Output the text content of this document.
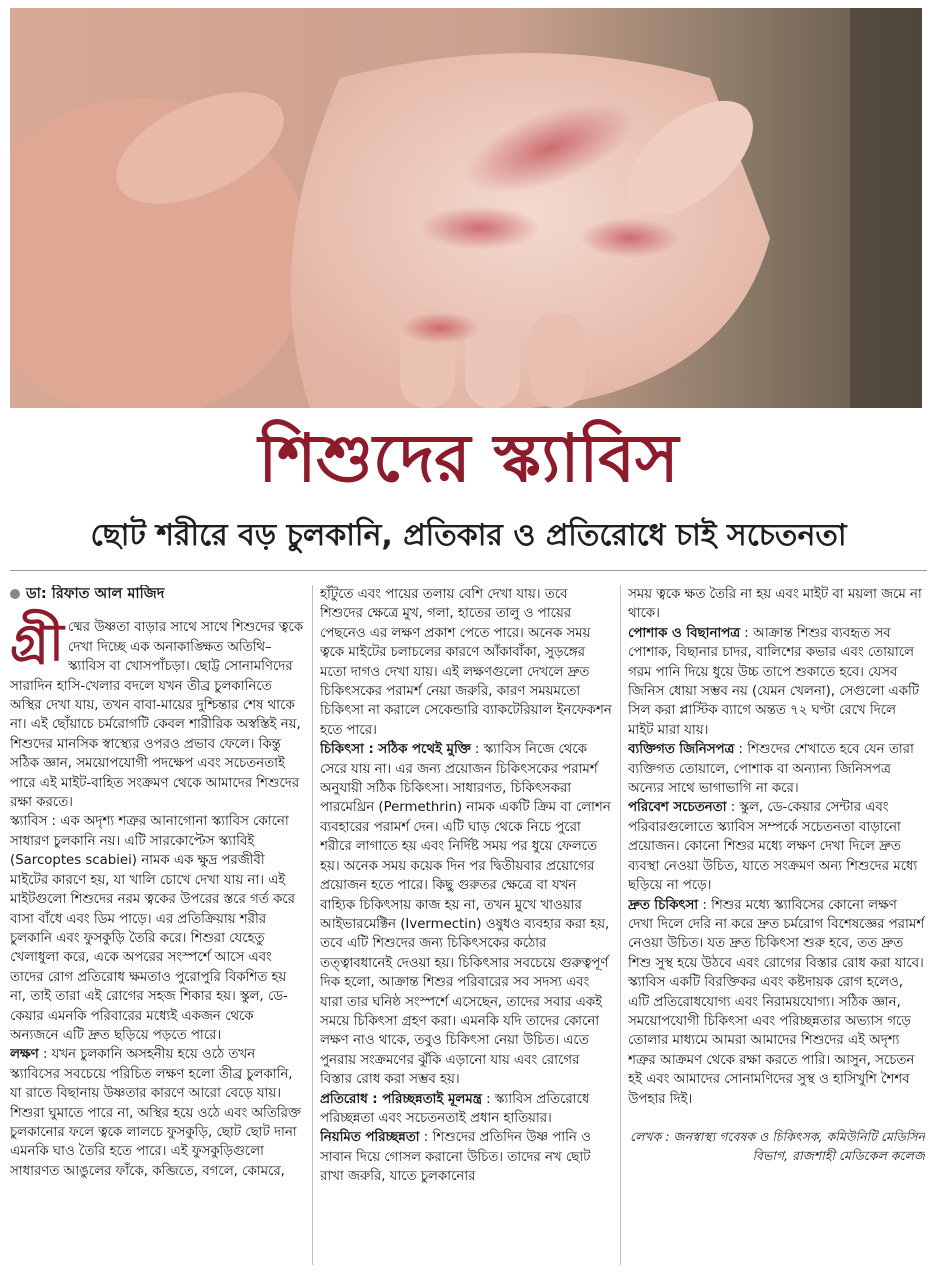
শিশুদের স্ক্যাবিস
ছোট শরীরে বড় চুলকানি, প্রতিকার ও প্রতিরোধে চাই সচেতনতা

ডা: রিফাত আল মাজিদ

গ্রী ষ্মের উষ্ণতা বাড়ার সাথে সাথে শিশুদের ত্বকে দেখা দিচ্ছে এক অনাকাঙ্ক্ষিত অতিথি– স্ক্যাবিস বা খোসপাঁচড়া। ছোট্ট সোনামণিদের সারাদিন হাসি-খেলার বদলে যখন তীব্র চুলকানিতে অস্থির দেখা যায়, তখন বাবা-মায়ের দুশ্চিন্তার শেষ থাকে না। এই ছোঁয়াচে চর্মরোগটি কেবল শারীরিক অস্বস্তিই নয়, শিশুদের মানসিক স্বাস্থ্যের ওপরও প্রভাব ফেলে। কিন্তু সঠিক জ্ঞান, সময়োপযোগী পদক্ষেপ এবং সচেতনতাই পারে এই মাইট-বাহিত সংক্রমণ থেকে আমাদের শিশুদের রক্ষা করতে।

স্ক্যাবিস : এক অদৃশ্য শত্রুর আনাগোনা স্ক্যাবিস কোনো সাধারণ চুলকানি নয়। এটি সারকোপ্টেস স্ক্যাবিই (Sarcoptes scabiei) নামক এক ক্ষুদ্র পরজীবী মাইটের কারণে হয়, যা খালি চোখে দেখা যায় না। এই মাইটগুলো শিশুদের নরম ত্বকের উপরের স্তরে গর্ত করে বাসা বাঁধে এবং ডিম পাড়ে। এর প্রতিক্রিয়ায় শরীর চুলকানি এবং ফুসকুড়ি তৈরি করে। শিশুরা যেহেতু খেলাধুলা করে, একে অপরের সংস্পর্শে আসে এবং তাদের রোগ প্রতিরোধ ক্ষমতাও পুরোপুরি বিকশিত হয় না, তাই তারা এই রোগের সহজ শিকার হয়। স্কুল, ডে-কেয়ার এমনকি পরিবারের মধ্যেই একজন থেকে অন্যজনে এটি দ্রুত ছড়িয়ে পড়তে পারে।

লক্ষণ : যখন চুলকানি অসহনীয় হয়ে ওঠে তখন স্ক্যাবিসের সবচেয়ে পরিচিত লক্ষণ হলো তীব্র চুলকানি, যা রাতে বিছানায় উষ্ণতার কারণে আরো বেড়ে যায়। শিশুরা ঘুমাতে পারে না, অস্থির হয়ে ওঠে এবং অতিরিক্ত চুলকানোর ফলে ত্বকে লালচে ফুসকুড়ি, ছোট ছোট দানা এমনকি ঘাও তৈরি হতে পারে। এই ফুসকুড়িগুলো সাধারণত আঙুলের ফাঁকে, কব্জিতে, বগলে, কোমরে,

হাঁটুতে এবং পায়ের তলায় বেশি দেখা যায়। তবে শিশুদের ক্ষেত্রে মুখ, গলা, হাতের তালু ও পায়ের পেছনেও এর লক্ষণ প্রকাশ পেতে পারে। অনেক সময় ত্বকে মাইটের চলাচলের কারণে আঁকাবাঁকা, সুড়ঙ্গের মতো দাগও দেখা যায়। এই লক্ষণগুলো দেখলে দ্রুত চিকিৎসকের পরামর্শ নেয়া জরুরি, কারণ সময়মতো চিকিৎসা না করালে সেকেন্ডারি ব্যাকটেরিয়াল ইনফেকশন হতে পারে।

চিকিৎসা : সঠিক পথেই মুক্তি : স্ক্যাবিস নিজে থেকে সেরে যায় না। এর জন্য প্রয়োজন চিকিৎসকের পরামর্শ অনুযায়ী সঠিক চিকিৎসা। সাধারণত, চিকিৎসকরা পারমেথ্রিন (Permethrin) নামক একটি ক্রিম বা লোশন ব্যবহারের পরামর্শ দেন। এটি ঘাড় থেকে নিচে পুরো শরীরে লাগাতে হয় এবং নির্দিষ্ট সময় পর ধুয়ে ফেলতে হয়। অনেক সময় কয়েক দিন পর দ্বিতীয়বার প্রয়োগের প্রয়োজন হতে পারে। কিছু গুরুতর ক্ষেত্রে বা যখন বাহ্যিক চিকিৎসায় কাজ হয় না, তখন মুখে খাওয়ার আইভারমেক্টিন (Ivermectin) ওষুধও ব্যবহার করা হয়, তবে এটি শিশুদের জন্য চিকিৎসকের কঠোর তত্ত্বাবধানেই দেওয়া হয়। চিকিৎসার সবচেয়ে গুরুত্বপূর্ণ দিক হলো, আক্রান্ত শিশুর পরিবারের সব সদস্য এবং যারা তার ঘনিষ্ঠ সংস্পর্শে এসেছেন, তাদের সবার একই সময়ে চিকিৎসা গ্রহণ করা। এমনকি যদি তাদের কোনো লক্ষণ নাও থাকে, তবুও চিকিৎসা নেয়া উচিত। এতে পুনরায় সংক্রমণের ঝুঁকি এড়ানো যায় এবং রোগের বিস্তার রোধ করা সম্ভব হয়।

প্রতিরোধ : পরিচ্ছন্নতাই মূলমন্ত্র : স্ক্যাবিস প্রতিরোধে পরিচ্ছন্নতা এবং সচেতনতাই প্রধান হাতিয়ার।

নিয়মিত পরিচ্ছন্নতা : শিশুদের প্রতিদিন উষ্ণ পানি ও সাবান দিয়ে গোসল করানো উচিত। তাদের নখ ছোট রাখা জরুরি, যাতে চুলকানোর

সময় ত্বকে ক্ষত তৈরি না হয় এবং মাইট বা ময়লা জমে না থাকে।

পোশাক ও বিছানাপত্র : আক্রান্ত শিশুর ব্যবহৃত সব পোশাক, বিছানার চাদর, বালিশের কভার এবং তোয়ালে গরম পানি দিয়ে ধুয়ে উচ্চ তাপে শুকাতে হবে। যেসব জিনিস ধোয়া সম্ভব নয় (যেমন খেলনা), সেগুলো একটি সিল করা প্লাস্টিক ব্যাগে অন্তত ৭২ ঘণ্টা রেখে দিলে মাইট মারা যায়।

ব্যক্তিগত জিনিসপত্র : শিশুদের শেখাতে হবে যেন তারা ব্যক্তিগত তোয়ালে, পোশাক বা অন্যান্য জিনিসপত্র অন্যের সাথে ভাগাভাগি না করে।

পরিবেশ সচেতনতা : স্কুল, ডে-কেয়ার সেন্টার এবং পরিবারগুলোতে স্ক্যাবিস সম্পর্কে সচেতনতা বাড়ানো প্রয়োজন। কোনো শিশুর মধ্যে লক্ষণ দেখা দিলে দ্রুত ব্যবস্থা নেওয়া উচিত, যাতে সংক্রমণ অন্য শিশুদের মধ্যে ছড়িয়ে না পড়ে।

দ্রুত চিকিৎসা : শিশুর মধ্যে স্ক্যাবিসের কোনো লক্ষণ দেখা দিলে দেরি না করে দ্রুত চর্মরোগ বিশেষজ্ঞের পরামর্শ নেওয়া উচিত। যত দ্রুত চিকিৎসা শুরু হবে, তত দ্রুত শিশু সুস্থ হয়ে উঠবে এবং রোগের বিস্তার রোধ করা যাবে।

স্ক্যাবিস একটি বিরক্তিকর এবং কষ্টদায়ক রোগ হলেও, এটি প্রতিরোধযোগ্য এবং নিরাময়যোগ্য। সঠিক জ্ঞান, সময়োপযোগী চিকিৎসা এবং পরিচ্ছন্নতার অভ্যাস গড়ে তোলার মাধ্যমে আমরা আমাদের শিশুদের এই অদৃশ্য শত্রুর আক্রমণ থেকে রক্ষা করতে পারি। আসুন, সচেতন হই এবং আমাদের সোনামণিদের সুস্থ ও হাসিখুশি শৈশব উপহার দিই।

লেখক : জনস্বাস্থ্য গবেষক ও চিকিৎসক, কমিউনিটি মেডিসিন বিভাগ, রাজশাহী মেডিকেল কলেজ
